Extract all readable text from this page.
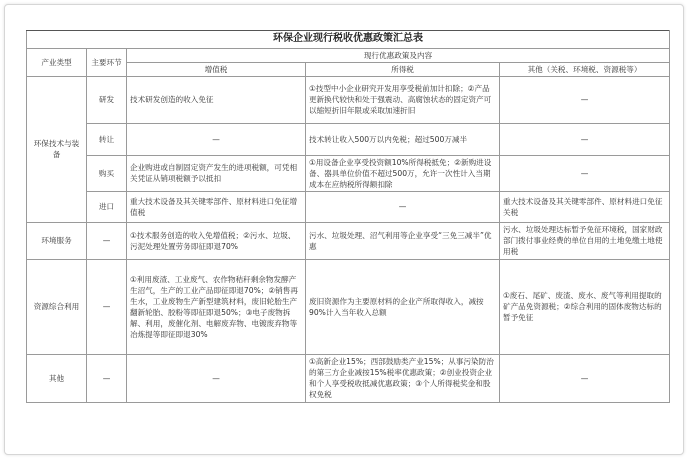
环保企业现行税收优惠政策汇总表				
产业类型	主要环节	现行优惠政策及内容		
		增值税	所得税	其他（关税、环境税、资源税等）
环保技术与装备	研发	技术研发创造的收入免征	①技型中小企业研究开发用享受税前加计扣除；②产品更新换代较快和处于强震动、高腐蚀状态的固定资产可以缩短折旧年限或采取加速折旧	—
	转让	—	技术转让收入500万以内免税；超过500万减半	—
	购买	企业购进或自制固定资产发生的进项税额，可凭相关凭证从销项税额予以抵扣	①用设备企业享受投资额10%所得税抵免；②新购进设备、器具单位价值不超过500万，允许一次性计入当期成本在应纳税所得额扣除	—
	进口	重大技术设备及其关键零部件、原材料进口免征增值税	—	重大技术设备及其关键零部件、原材料进口免征关税
环境服务	—	①技术服务创造的收入免增值税；②污水、垃圾、污泥处理处置劳务即征即退70%	污水、垃圾处理、沼气利用等企业享受“三免三减半”优惠	污水、垃圾处理达标暂予免征环境税，国家财政部门拨付事业经费的单位自用的土地免缴土地使用税
资源综合利用	—	①利用废渣、工业废气、农作物秸秆剩余物发酵产生沼气，生产的工业产品即征即退70%；②销售再生水，工业废物生产新型建筑材料，废旧轮胎生产翻新轮胎、胶粉等即征即退50%；③电子废物拆解、利用，废催化剂、电解废弃物、电镀废弃物等冶炼提等即征即退30%	废旧资源作为主要原材料的企业产所取得收入，减按90%计入当年收入总额	①废石、尾矿、废渣、废水、废气等利用提取的矿产品免资源税；②综合利用的固体废物达标的暂予免征
其他	—	—	①高新企业15%；西部鼓励类产业15%；从事污染防治的第三方企业减按15%税率优惠政策；②创业投资企业和个人享受税收抵减优惠政策；③个人所得税奖金和股权免税	—
